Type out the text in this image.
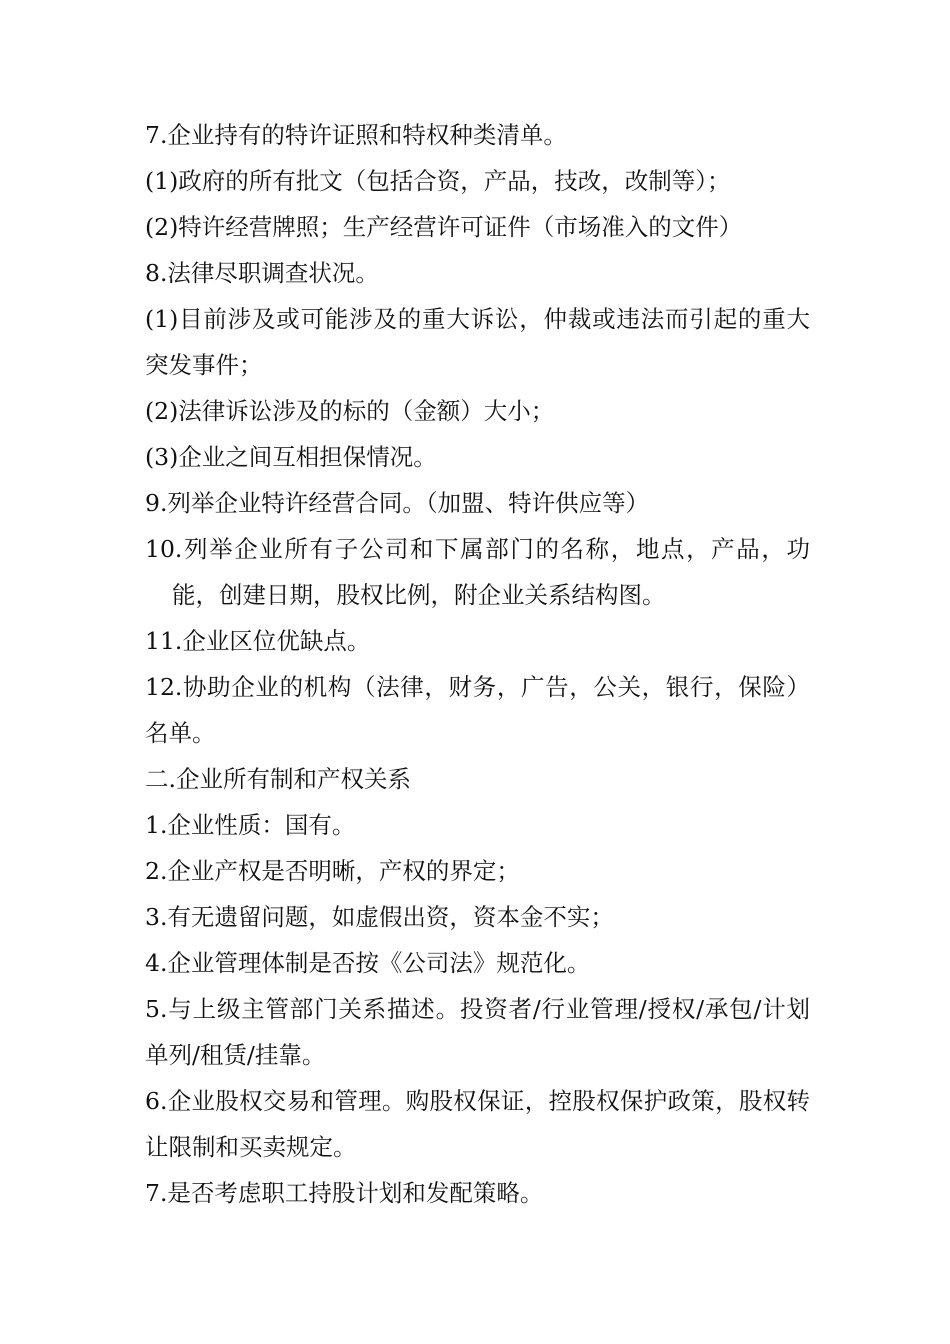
7.企业持有的特许证照和特权种类清单。

(1)政府的所有批文（包括合资，产品，技改，改制等）；

(2)特许经营牌照；生产经营许可证件（市场准入的文件）

8.法律尽职调查状况。

(1)目前涉及或可能涉及的重大诉讼，仲裁或违法而引起的重大突发事件；

(2)法律诉讼涉及的标的（金额）大小；

(3)企业之间互相担保情况。

9.列举企业特许经营合同。（加盟、特许供应等）

10.列举企业所有子公司和下属部门的名称，地点，产品，功能，创建日期，股权比例，附企业关系结构图。

11.企业区位优缺点。

12.协助企业的机构（法律，财务，广告，公关，银行，保险）名单。

二.企业所有制和产权关系

1.企业性质：国有。

2.企业产权是否明晰，产权的界定；

3.有无遗留问题，如虚假出资，资本金不实；

4.企业管理体制是否按《公司法》规范化。

5.与上级主管部门关系描述。投资者/行业管理/授权/承包/计划单列/租赁/挂靠。

6.企业股权交易和管理。购股权保证，控股权保护政策，股权转让限制和买卖规定。

7.是否考虑职工持股计划和发配策略。
